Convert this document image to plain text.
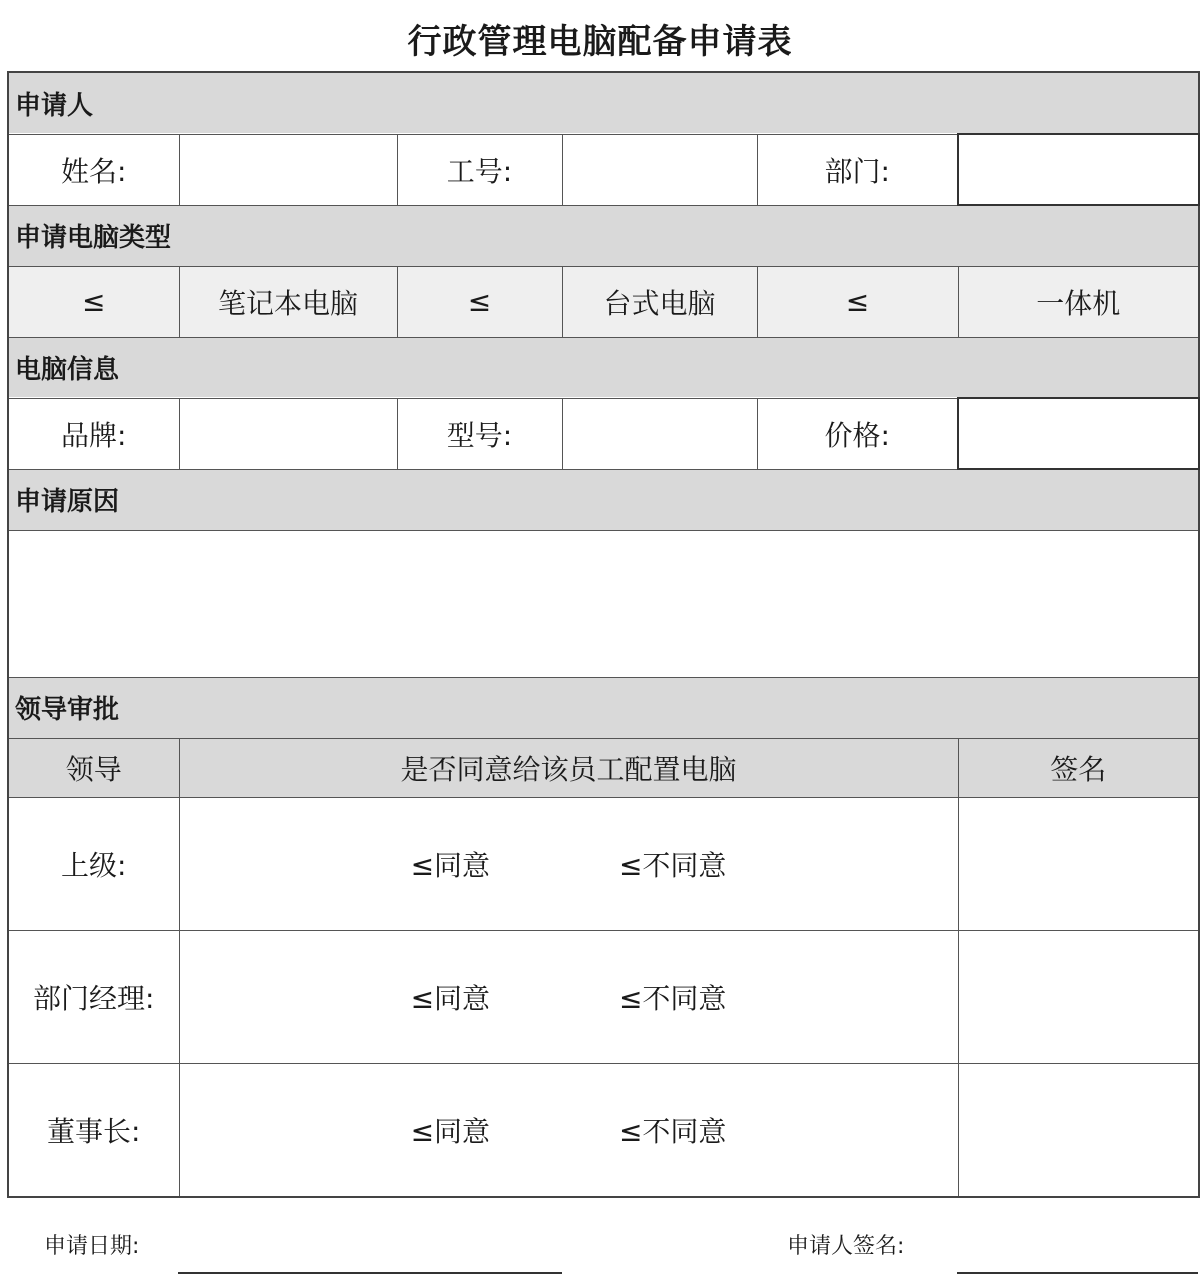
行政管理电脑配备申请表
申请人					
姓名:		工号:		部门:	
申请电脑类型					
≤	笔记本电脑	≤	台式电脑	≤	一体机
电脑信息					
品牌:		型号:		价格:	
申请原因					

领导审批					
领导	是否同意给该员工配置电脑				签名
上级:	≤同意 ≤不同意				
部门经理:	≤同意 ≤不同意				
董事长:	≤同意 ≤不同意				
申请日期:	申请人签名:
